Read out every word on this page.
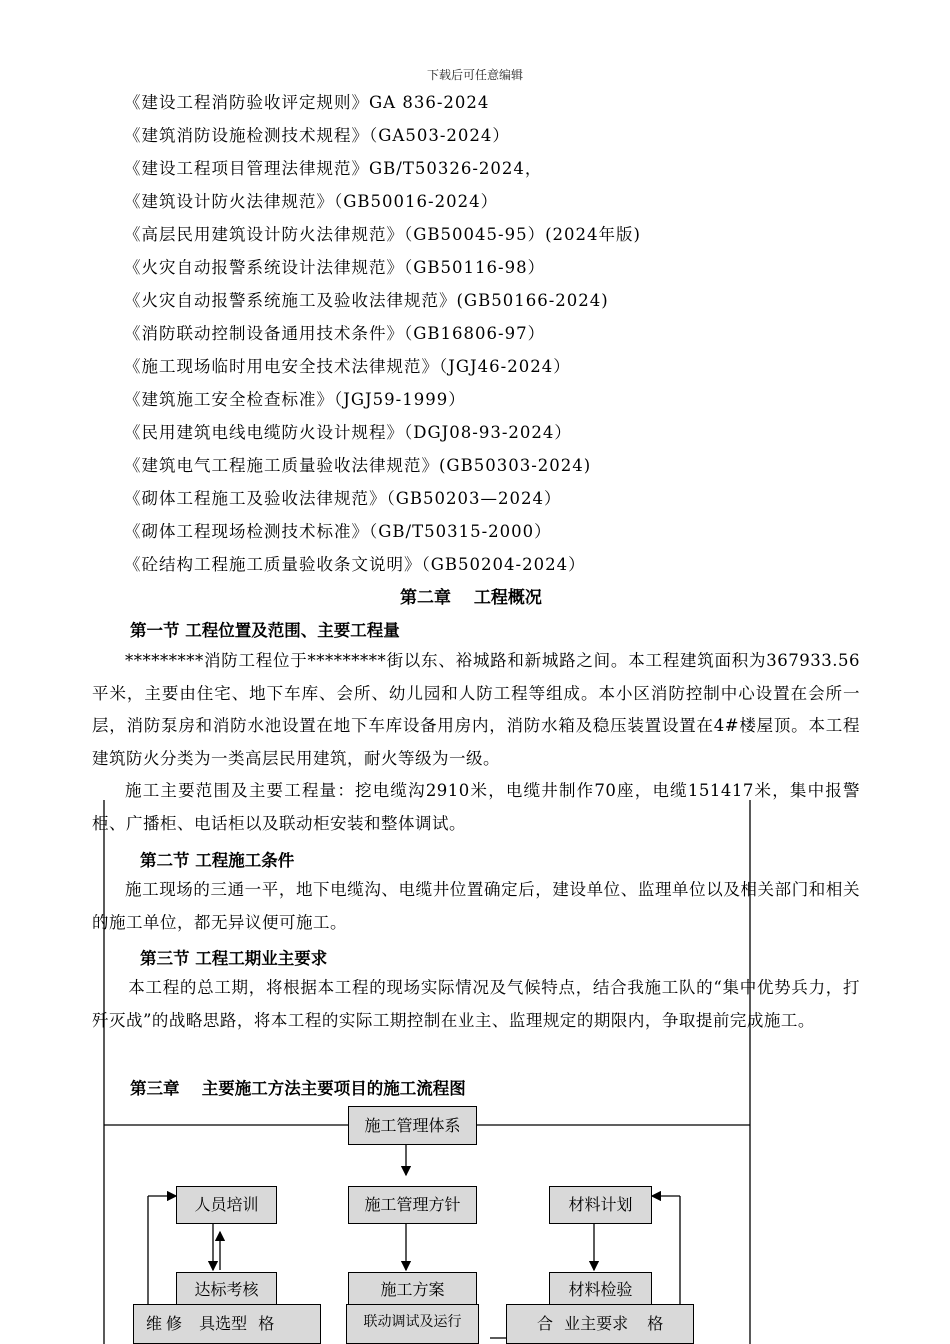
下载后可任意编辑
《建设工程消防验收评定规则》GA 836-2024
《建筑消防设施检测技术规程》（GA503-2024）
《建设工程项目管理法律规范》GB/T50326-2024，
《建筑设计防火法律规范》（GB50016-2024）
《高层民用建筑设计防火法律规范》（GB50045-95）(2024年版)
《火灾自动报警系统设计法律规范》（GB50116-98）
《火灾自动报警系统施工及验收法律规范》(GB50166-2024)
《消防联动控制设备通用技术条件》（GB16806-97）
《施工现场临时用电安全技术法律规范》（JGJ46-2024）
《建筑施工安全检查标准》（JGJ59-1999）
《民用建筑电线电缆防火设计规程》（DGJ08-93-2024）
《建筑电气工程施工质量验收法律规范》(GB50303-2024)
《砌体工程施工及验收法律规范》（GB50203—2024）
《砌体工程现场检测技术标准》（GB/T50315-2000）
《砼结构工程施工质量验收条文说明》（GB50204-2024）
第二章　 工程概况
第一节 工程位置及范围、主要工程量

*********消防工程位于*********街以东、裕城路和新城路之间。本工程建筑面积为367933.56平米，主要由住宅、地下车库、会所、幼儿园和人防工程等组成。本小区消防控制中心设置在会所一层，消防泵房和消防水池设置在地下车库设备用房内，消防水箱及稳压装置设置在4#楼屋顶。本工程建筑防火分类为一类高层民用建筑，耐火等级为一级。

施工主要范围及主要工程量：挖电缆沟2910米，电缆井制作70座，电缆151417米，集中报警柜、广播柜、电话柜以及联动柜安装和整体调试。

第二节 工程施工条件

施工现场的三通一平，地下电缆沟、电缆井位置确定后，建设单位、监理单位以及相关部门和相关的施工单位，都无异议便可施工。

第三节 工程工期业主要求

本工程的总工期，将根据本工程的现场实际情况及气候特点，结合我施工队的“集中优势兵力，打歼灭战”的战略思路，将本工程的实际工期控制在业主、监理规定的期限内，争取提前完成施工。

第三章　 主要施工方法主要项目的施工流程图
施工管理体系
人员培训	施工管理方针	材料计划
达标考核	施工方案	材料检验
维修 具选型 格	联动调试及运行	合 业主要求 格
